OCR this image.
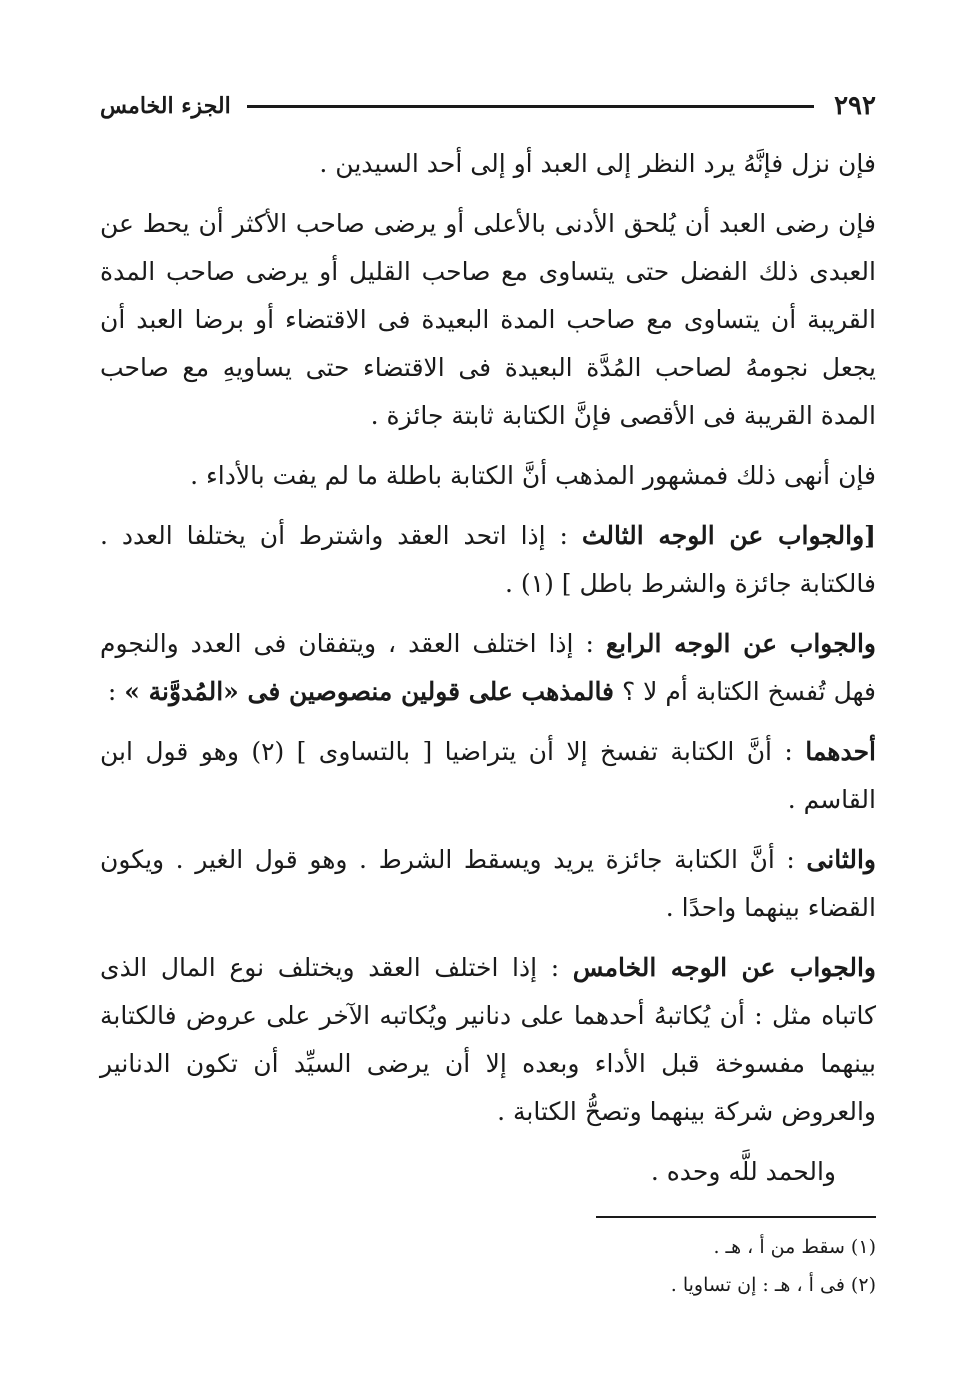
٢٩٢
الجزء الخامس

فإن نزل فإنَّهُ يرد النظر إلى العبد أو إلى أحد السيدين .

فإن رضى العبد أن يُلحق الأدنى بالأعلى أو يرضى صاحب الأكثر أن يحط عن العبدى ذلك الفضل حتى يتساوى مع صاحب القليل أو يرضى صاحب المدة القريبة أن يتساوى مع صاحب المدة البعيدة فى الاقتضاء أو برضا العبد أن يجعل نجومهُ لصاحب المُدَّة البعيدة فى الاقتضاء حتى يساويهِ مع صاحب المدة القريبة فى الأقصى فإنَّ الكتابة ثابتة جائزة .

فإن أنهى ذلك فمشهور المذهب أنَّ الكتابة باطلة ما لم يفت بالأداء .

[والجواب عن الوجه الثالث : إذا اتحد العقد واشترط أن يختلفا العدد . فالكتابة جائزة والشرط باطل ] (١) .

والجواب عن الوجه الرابع : إذا اختلف العقد ، ويتفقان فى العدد والنجوم فهل تُفسخ الكتابة أم لا ؟ فالمذهب على قولين منصوصين فى «المُدوَّنة » :

أحدهما : أنَّ الكتابة تفسخ إلا أن يتراضيا [ بالتساوى ] (٢) وهو قول ابن القاسم .

والثانى : أنَّ الكتابة جائزة يريد ويسقط الشرط . وهو قول الغير . ويكون القضاء بينهما واحدًا .

والجواب عن الوجه الخامس : إذا اختلف العقد ويختلف نوع المال الذى كاتباه مثل : أن يُكاتبهُ أحدهما على دنانير ويُكاتبه الآخر على عروض فالكتابة بينهما مفسوخة قبل الأداء وبعده إلا أن يرضى السيِّد أن تكون الدنانير والعروض شركة بينهما وتصحُّ الكتابة .

والحمد للَّه وحده .

(١) سقط من أ ، هـ .

(٢) فى أ ، هـ : إن تساويا .
